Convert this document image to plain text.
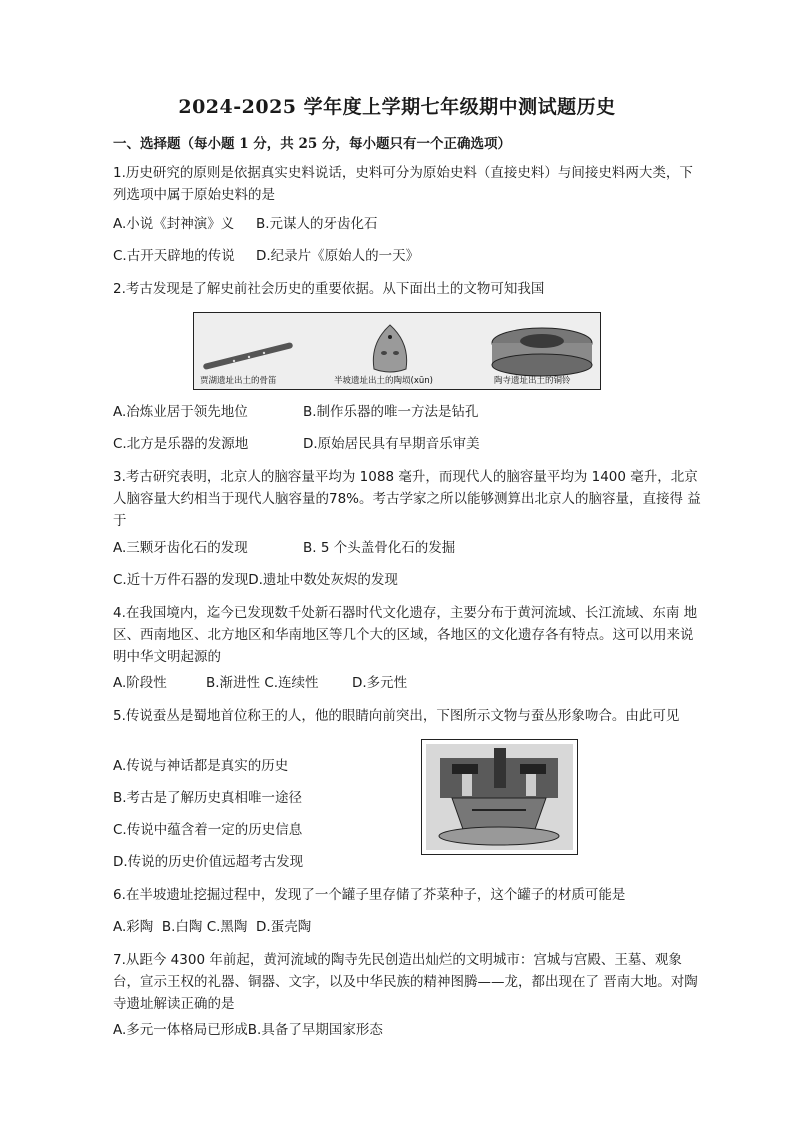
2024-2025 学年度上学期七年级期中测试题历史
一、选择题（每小题 1 分，共 25 分，每小题只有一个正确选项）
1.历史研究的原则是依据真实史料说话，史料可分为原始史料（直接史料）与间接史料两大类，下 列选项中属于原始史料的是
A.小说《封神演》义 B.元谋人的牙齿化石
C.古开天辟地的传说 D.纪录片《原始人的一天》
2.考古发现是了解史前社会历史的重要依据。从下面出土的文物可知我国
贾湖遗址出土的骨笛	半坡遗址出土的陶埙(xūn)	陶寺遗址出土的铜铃
A.冶炼业居于领先地位	B.制作乐器的唯一方法是钻孔
C.北方是乐器的发源地	D.原始居民具有早期音乐审美
3.考古研究表明，北京人的脑容量平均为 1088 毫升，而现代人的脑容量平均为 1400 毫升，北京 人脑容量大约相当于现代人脑容量的78%。考古学家之所以能够测算出北京人的脑容量，直接得 益于
A.三颗牙齿化石的发现	B. 5 个头盖骨化石的发掘
C.近十万件石器的发现D.遗址中数处灰烬的发现
4.在我国境内，迄今已发现数千处新石器时代文化遗存，主要分布于黄河流域、长江流域、东南 地区、西南地区、北方地区和华南地区等几个大的区域，各地区的文化遗存各有特点。这可以用来说明中华文明起源的
A.阶段性	B.渐进性 C.连续性 D.多元性
5.传说蚕丛是蜀地首位称王的人，他的眼睛向前突出，下图所示文物与蚕丛形象吻合。由此可见
A.传说与神话都是真实的历史
B.考古是了解历史真相唯一途径
C.传说中蕴含着一定的历史信息
D.传说的历史价值远超考古发现
6.在半坡遗址挖掘过程中，发现了一个罐子里存储了芥菜种子，这个罐子的材质可能是
A.彩陶  B.白陶 C.黑陶  D.蛋壳陶
7.从距今 4300 年前起，黄河流域的陶寺先民创造出灿烂的文明城市：宫城与宫殿、王墓、观象台，宣示王权的礼器、铜器、文字，以及中华民族的精神图腾——龙，都出现在了 晋南大地。对陶寺遗址解读正确的是
A.多元一体格局已形成B.具备了早期国家形态
